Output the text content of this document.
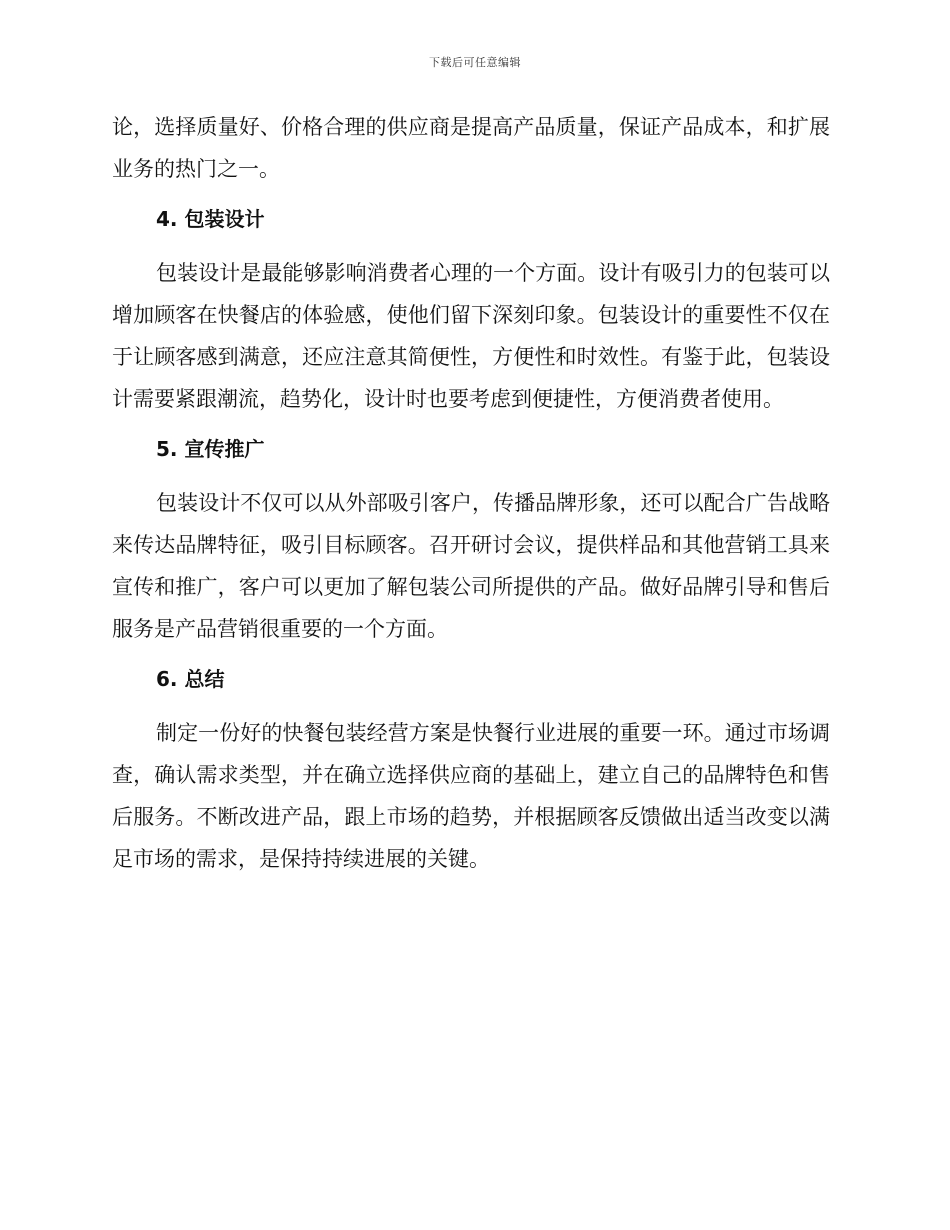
下载后可任意编辑

论，选择质量好、价格合理的供应商是提高产品质量，保证产品成本，和扩展业务的热门之一。

4. 包装设计

包装设计是最能够影响消费者心理的一个方面。设计有吸引力的包装可以增加顾客在快餐店的体验感，使他们留下深刻印象。包装设计的重要性不仅在于让顾客感到满意，还应注意其简便性，方便性和时效性。有鉴于此，包装设计需要紧跟潮流，趋势化，设计时也要考虑到便捷性，方便消费者使用。

5. 宣传推广

包装设计不仅可以从外部吸引客户，传播品牌形象，还可以配合广告战略来传达品牌特征，吸引目标顾客。召开研讨会议，提供样品和其他营销工具来宣传和推广，客户可以更加了解包装公司所提供的产品。做好品牌引导和售后服务是产品营销很重要的一个方面。

6. 总结

制定一份好的快餐包装经营方案是快餐行业进展的重要一环。通过市场调查，确认需求类型，并在确立选择供应商的基础上，建立自己的品牌特色和售后服务。不断改进产品，跟上市场的趋势，并根据顾客反馈做出适当改变以满足市场的需求，是保持持续进展的关键。
